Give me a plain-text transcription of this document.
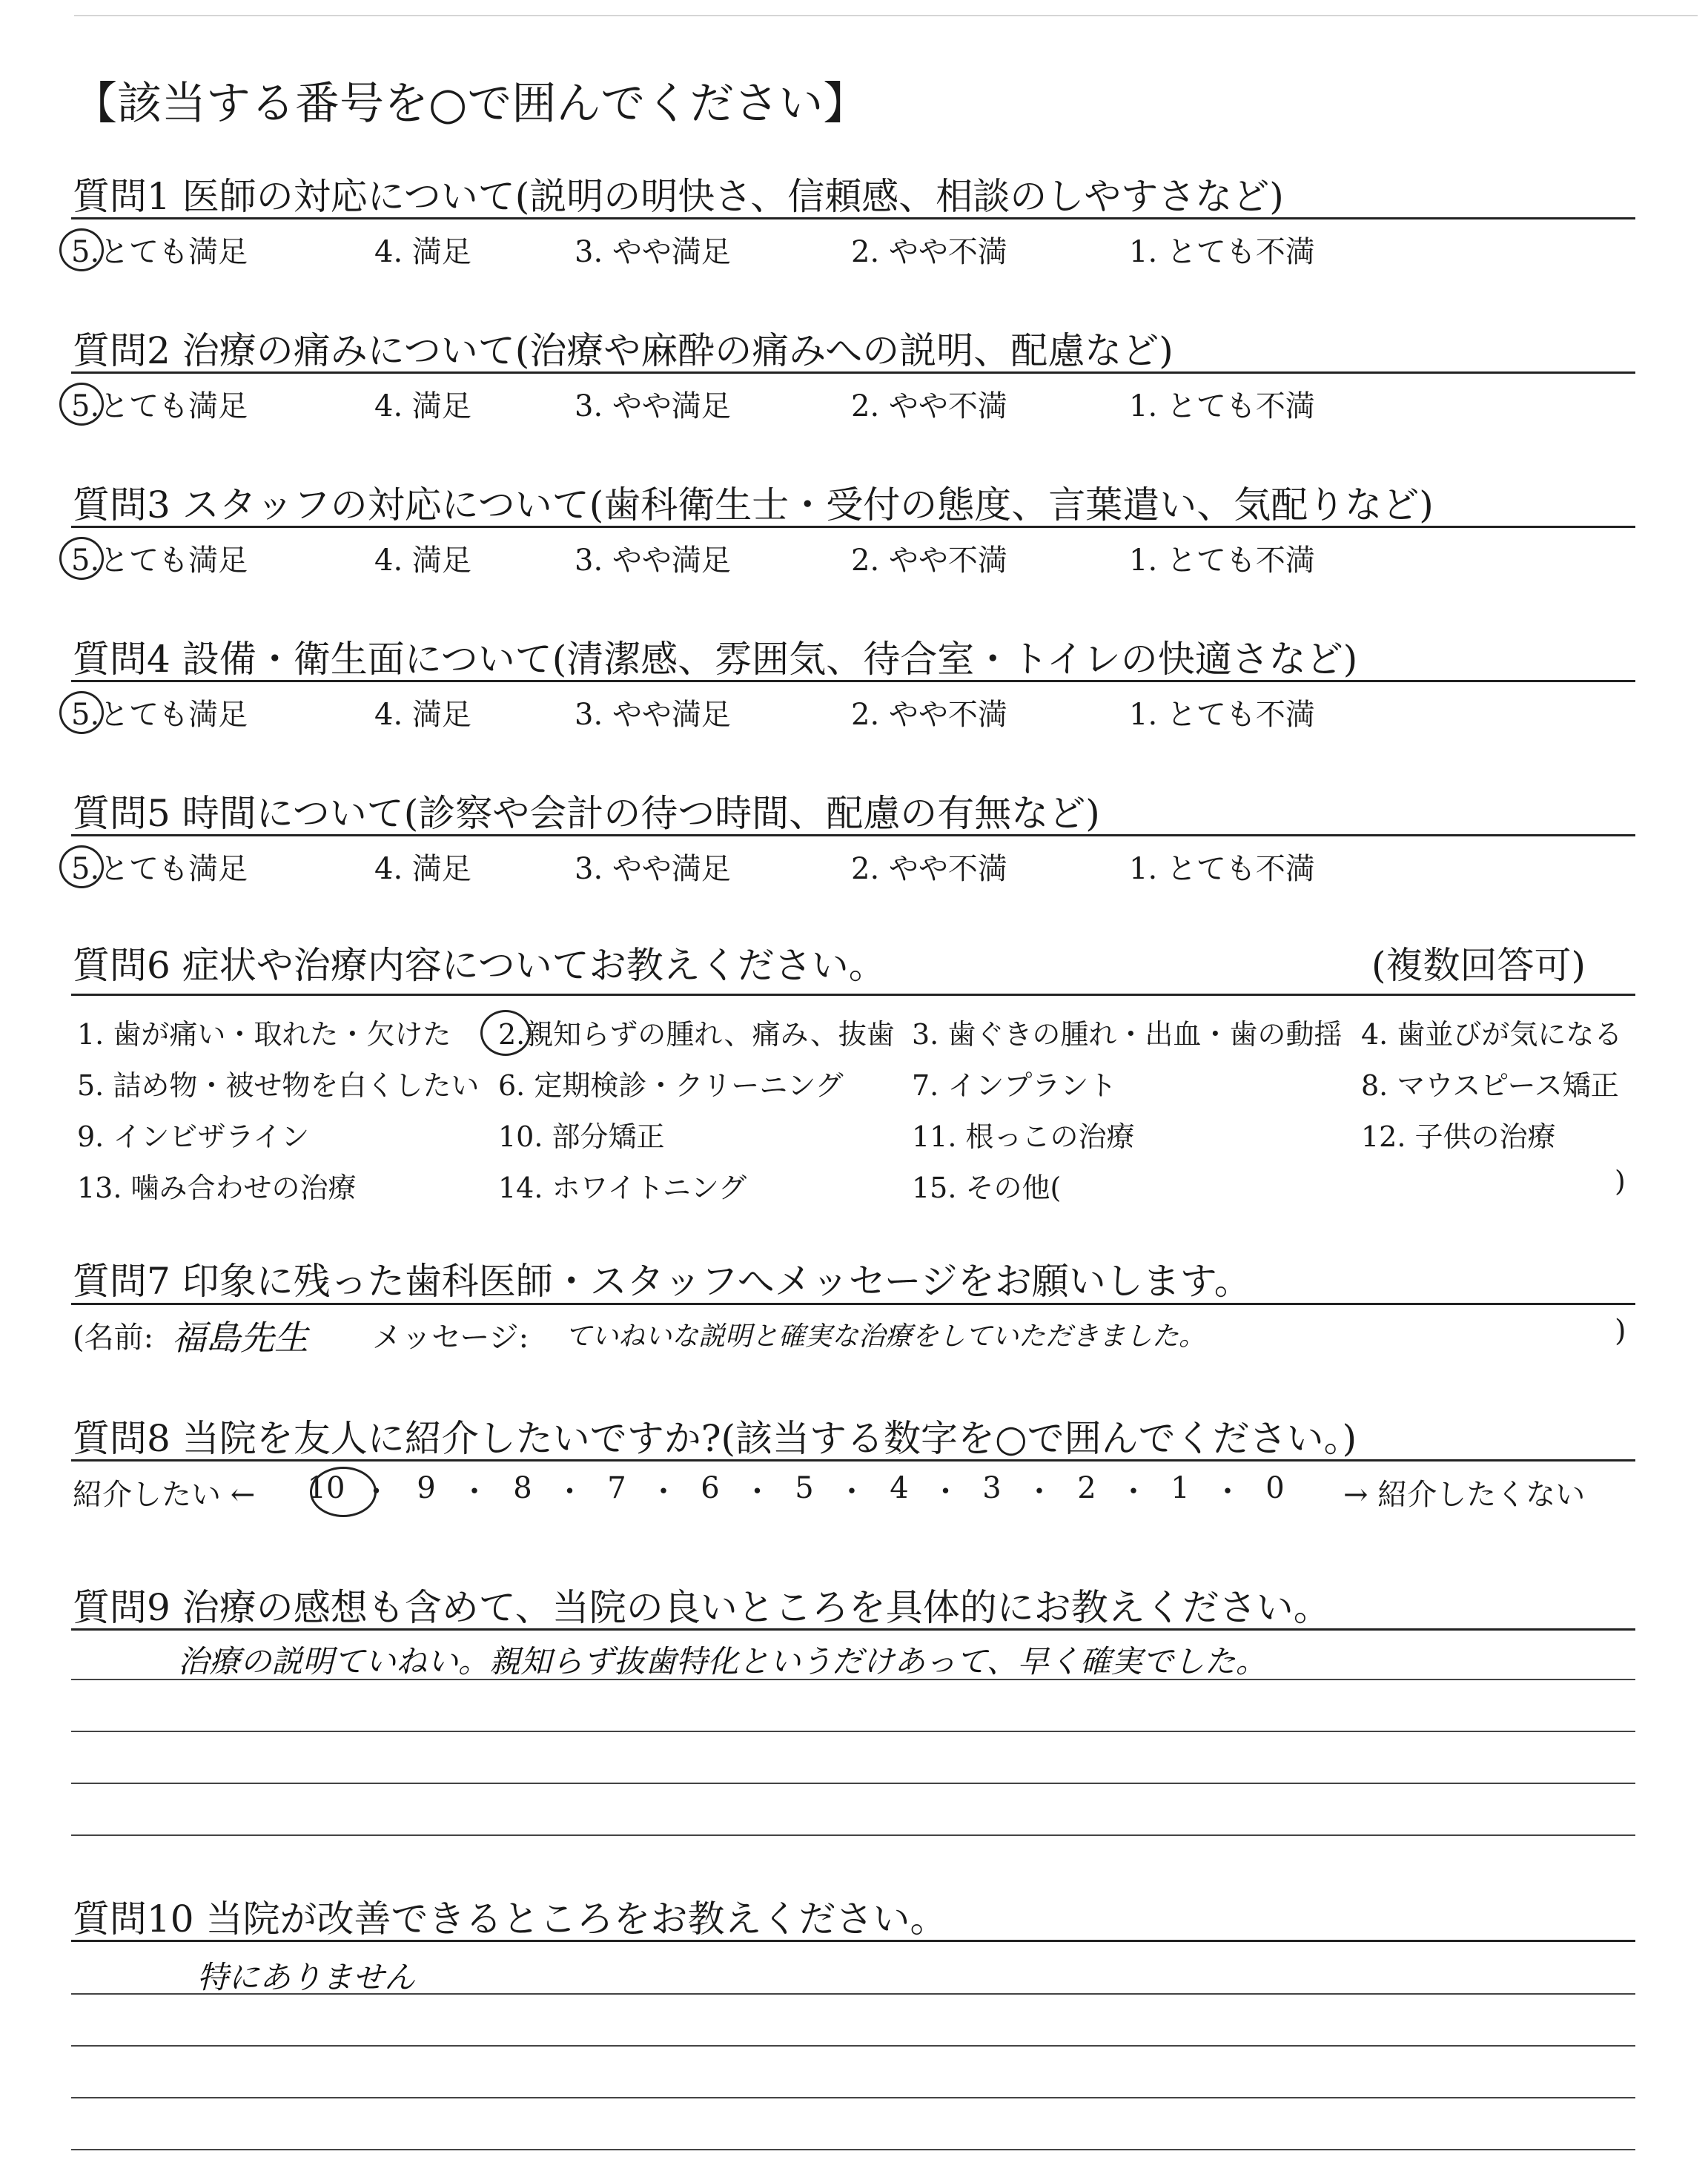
【該当する番号を○で囲んでください】
質問1 医師の対応について(説明の明快さ、信頼感、相談のしやすさなど)
5.とても満足	4. 満足	3. やや満足	2. やや不満	1. とても不満
質問2 治療の痛みについて(治療や麻酔の痛みへの説明、配慮など)
5.とても満足	4. 満足	3. やや満足	2. やや不満	1. とても不満
質問3 スタッフの対応について(歯科衛生士・受付の態度、言葉遣い、気配りなど)
5.とても満足	4. 満足	3. やや満足	2. やや不満	1. とても不満
質問4 設備・衛生面について(清潔感、雰囲気、待合室・トイレの快適さなど)
5.とても満足	4. 満足	3. やや満足	2. やや不満	1. とても不満
質問5 時間について(診察や会計の待つ時間、配慮の有無など)
5.とても満足	4. 満足	3. やや満足	2. やや不満	1. とても不満
質問6 症状や治療内容についてお教えください。	(複数回答可)
1. 歯が痛い・取れた・欠けた 2.親知らずの腫れ、痛み、抜歯 3. 歯ぐきの腫れ・出血・歯の動揺 4. 歯並びが気になる
5. 詰め物・被せ物を白くしたい 6. 定期検診・クリーニング 7. インプラント	8. マウスピース矯正
9. インビザライン	10. 部分矯正	11. 根っこの治療	12. 子供の治療
13. 噛み合わせの治療	14. ホワイトニング	15. その他(	)
質問7 印象に残った歯科医師・スタッフへメッセージをお願いします。
(名前: 福島先生 メッセージ: ていねいな説明と確実な治療をしていただきました。	)
質問8 当院を友人に紹介したいですか?(該当する数字を○で囲んでください。)
紹介したい ←	→ 紹介したくない
10 ・ 9 ・ 8 ・ 7 ・ 6 ・ 5 ・ 4 ・ 3 ・ 2 ・ 1 ・ 0
質問9 治療の感想も含めて、当院の良いところを具体的にお教えください。
治療の説明ていねい。親知らず抜歯特化というだけあって、早く確実でした。
質問10 当院が改善できるところをお教えください。
特にありません
